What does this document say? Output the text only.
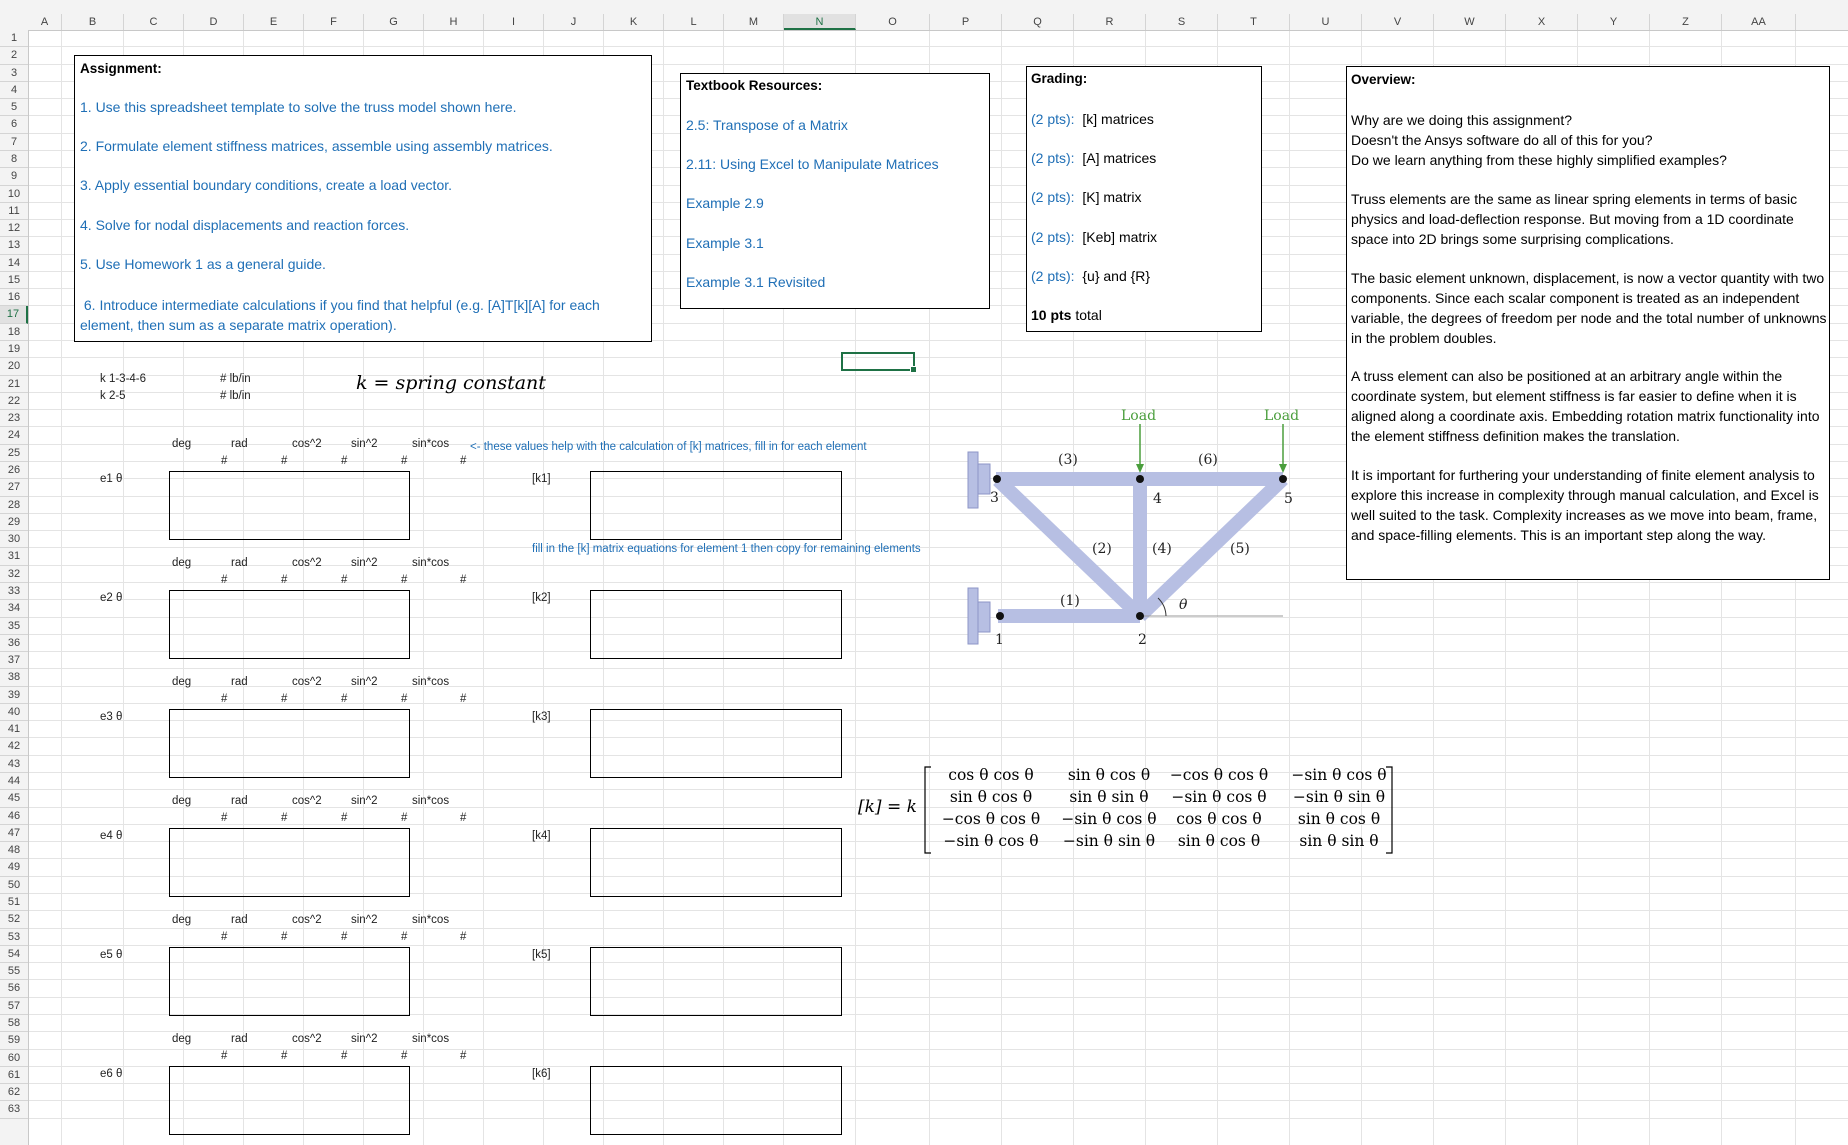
A	B	C	D	E	F	G	H	I	J	K	L	M	N	O	P	Q	R	S	T	U	V	W	X	Y	Z	AA
1
2
3
4
5
6
7
8
9
10
11
12
13
14
15
16
17
18
19
20
21
22
23
24
25
26
27
28
29
30
31
32
33
34
35
36
37
38
39
40
41
42
43
44
45
46
47
48
49
50
51
52
53
54
55
56
57
58
59
60
61
62
63
Assignment:
1. Use this spreadsheet template to solve the truss model shown here.
2. Formulate element stiffness matrices, assemble using assembly matrices.
3. Apply essential boundary conditions, create a load vector.
4. Solve for nodal displacements and reaction forces.
5. Use Homework 1 as a general guide.
6. Introduce intermediate calculations if you find that helpful (e.g. [A]T[k][A] for each element, then sum as a separate matrix operation).
Textbook Resources:
2.5: Transpose of a Matrix
2.11: Using Excel to Manipulate Matrices
Example 2.9
Example 3.1
Example 3.1 Revisited
Grading:
(2 pts): [k] matrices
(2 pts): [A] matrices
(2 pts): [K] matrix
(2 pts): [Keb] matrix
(2 pts): {u} and {R}
10 pts total
Overview:
Why are we doing this assignment?
Doesn't the Ansys software do all of this for you?
Do we learn anything from these highly simplified examples?
Truss elements are the same as linear spring elements in terms of basic physics and load-deflection response. But moving from a 1D coordinate space into 2D brings some surprising complications.
The basic element unknown, displacement, is now a vector quantity with two components. Since each scalar component is treated as an independent variable, the degrees of freedom per node and the total number of unknowns in the problem doubles.
A truss element can also be positioned at an arbitrary angle within the coordinate system, but element stiffness is far easier to define when it is aligned along a coordinate axis. Embedding rotation matrix functionality into the element stiffness definition makes the translation.
It is important for furthering your understanding of finite element analysis to explore this increase in complexity through manual calculation, and Excel is well suited to the task. Complexity increases as we move into beam, frame, and space-filling elements. This is an important step along the way.
k 1-3-4-6	# lb/in
k 2-5	# lb/in
k = spring constant
<- these values help with the calculation of [k] matrices, fill in for each element
fill in the [k] matrix equations for element 1 then copy for remaining elements
deg	rad	cos^2	sin^2	sin*cos
#	#	#	#	#
e1 θ	[k1]
deg	rad	cos^2	sin^2	sin*cos
#	#	#	#	#
e2 θ	[k2]
deg	rad	cos^2	sin^2	sin*cos
#	#	#	#	#
e3 θ	[k3]
deg	rad	cos^2	sin^2	sin*cos
#	#	#	#	#
e4 θ	[k4]
deg	rad	cos^2	sin^2	sin*cos
#	#	#	#	#
e5 θ	[k5]
deg	rad	cos^2	sin^2	sin*cos
#	#	#	#	#
e6 θ	[k6]
Load	Load
(3)	(6)
(2)	(4)	(5)
(1)
3	4	5
1	2
θ
[k] = k
cos θ cos θ	sin θ cos θ	−cos θ cos θ	−sin θ cos θ
sin θ cos θ	sin θ sin θ	−sin θ cos θ	−sin θ sin θ
−cos θ cos θ	−sin θ cos θ	cos θ cos θ	sin θ cos θ
−sin θ cos θ	−sin θ sin θ	sin θ cos θ	sin θ sin θ
